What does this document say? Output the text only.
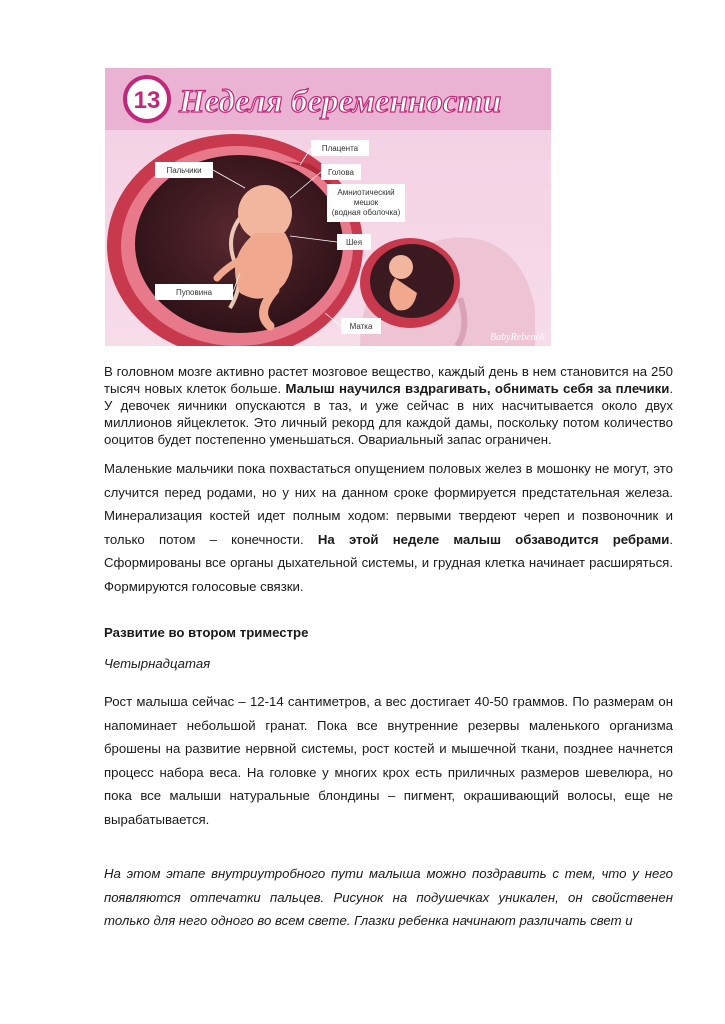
13 Неделя беременности
Плацента
Пальчики	Голова
Амниотический
мешок
(водная оболочка)
Шея
Пуповина
Матка
BabyRebenok

В головном мозге активно растет мозговое вещество, каждый день в нем становится на 250 тысяч новых клеток больше. Малыш научился вздрагивать, обнимать себя за плечики. У девочек яичники опускаются в таз, и уже сейчас в них насчитывается около двух миллионов яйцеклеток. Это личный рекорд для каждой дамы, поскольку потом количество ооцитов будет постепенно уменьшаться. Овариальный запас ограничен.

Маленькие мальчики пока похвастаться опущением половых желез в мошонку не могут, это случится перед родами, но у них на данном сроке формируется предстательная железа. Минерализация костей идет полным ходом: первыми твердеют череп и позвоночник и только потом – конечности. На этой неделе малыш обзаводится ребрами. Сформированы все органы дыхательной системы, и грудная клетка начинает расширяться. Формируются голосовые связки.

Развитие во втором триместре

Четырнадцатая

Рост малыша сейчас – 12-14 сантиметров, а вес достигает 40-50 граммов. По размерам он напоминает небольшой гранат. Пока все внутренние резервы маленького организма брошены на развитие нервной системы, рост костей и мышечной ткани, позднее начнется процесс набора веса. На головке у многих крох есть приличных размеров шевелюра, но пока все малыши натуральные блондины – пигмент, окрашивающий волосы, еще не вырабатывается.

На этом этапе внутриутробного пути малыша можно поздравить с тем, что у него появляются отпечатки пальцев. Рисунок на подушечках уникален, он свойственен только для него одного во всем свете. Глазки ребенка начинают различать свет и
